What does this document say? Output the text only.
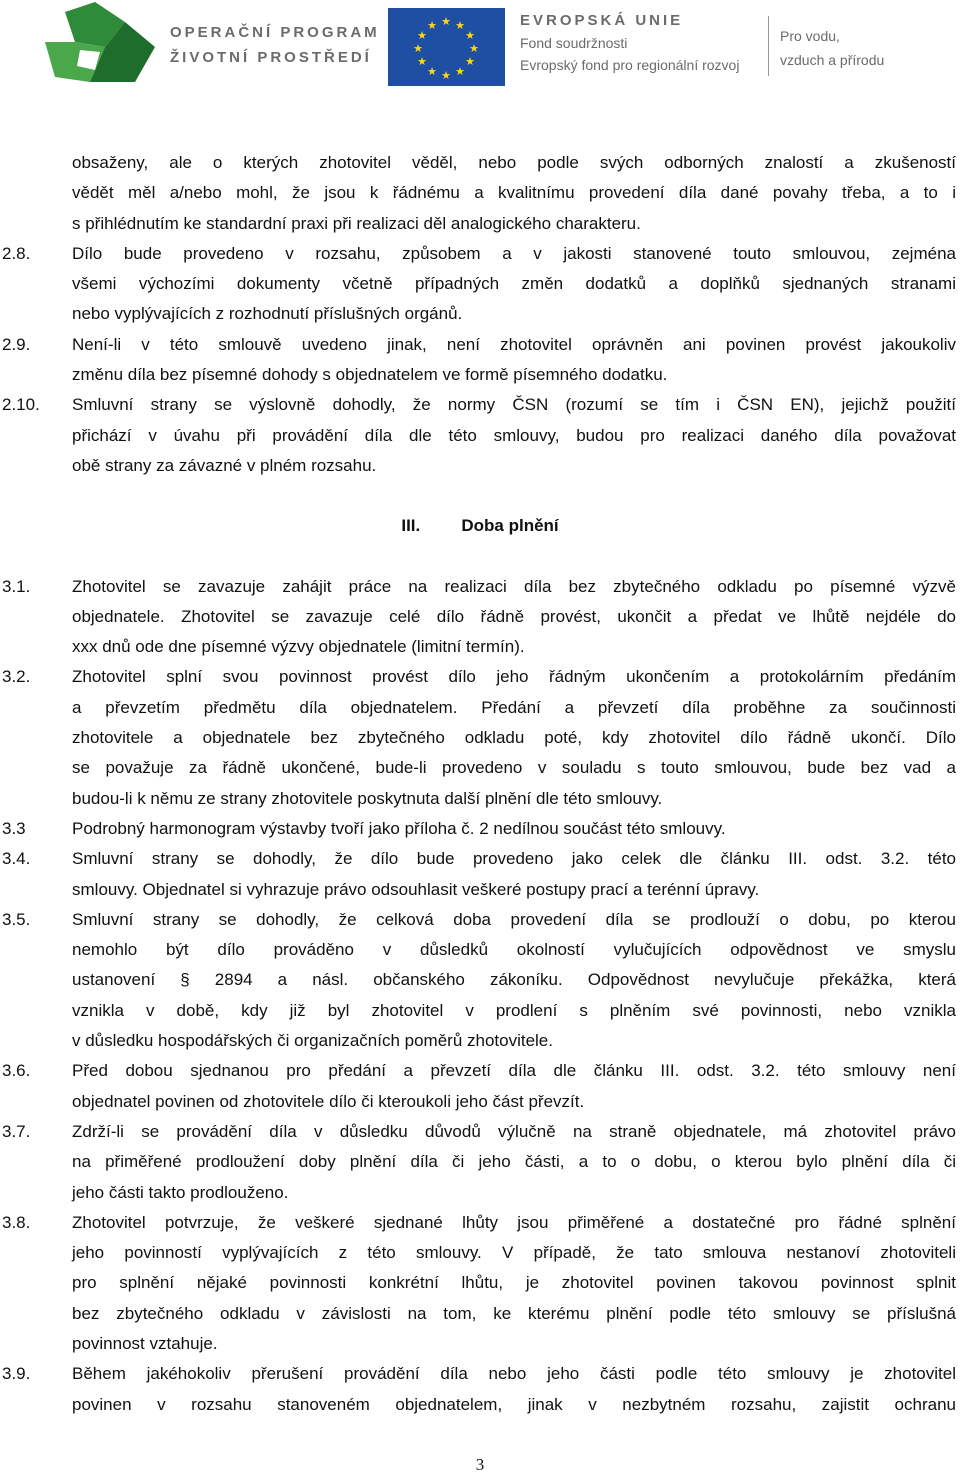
OPERAČNÍ PROGRAM
ŽIVOTNÍ PROSTŘEDÍ
★ ★
★
★
★
★
★
★
★
★
★
★	EVROPSKÁ UNIE
Fond soudržnosti
Evropský fond pro regionální rozvoj
Pro vodu,
vzduch a přírodu
obsaženy, ale o kterých zhotovitel věděl, nebo podle svých odborných znalostí a zkušeností
vědět měl a/nebo mohl, že jsou k řádnému a kvalitnímu provedení díla dané povahy třeba, a to i
s přihlédnutím ke standardní praxi při realizaci děl analogického charakteru.
2.8.	Dílo bude provedeno v rozsahu, způsobem a v jakosti stanovené touto smlouvou, zejména
všemi výchozími dokumenty včetně případných změn dodatků a doplňků sjednaných stranami
nebo vyplývajících z rozhodnutí příslušných orgánů.
2.9.	Není-li v této smlouvě uvedeno jinak, není zhotovitel oprávněn ani povinen provést jakoukoliv
změnu díla bez písemné dohody s objednatelem ve formě písemného dodatku.
2.10.	Smluvní strany se výslovně dohodly, že normy ČSN (rozumí se tím i ČSN EN), jejichž použití
přichází v úvahu při provádění díla dle této smlouvy, budou pro realizaci daného díla považovat
obě strany za závazné v plném rozsahu.
III. Doba plnění
3.1.	Zhotovitel se zavazuje zahájit práce na realizaci díla bez zbytečného odkladu po písemné výzvě
objednatele. Zhotovitel se zavazuje celé dílo řádně provést, ukončit a předat ve lhůtě nejdéle do
xxx dnů ode dne písemné výzvy objednatele (limitní termín).
3.2.	Zhotovitel splní svou povinnost provést dílo jeho řádným ukončením a protokolárním předáním
a převzetím předmětu díla objednatelem. Předání a převzetí díla proběhne za součinnosti
zhotovitele a objednatele bez zbytečného odkladu poté, kdy zhotovitel dílo řádně ukončí. Dílo
se považuje za řádně ukončené, bude-li provedeno v souladu s touto smlouvou, bude bez vad a
budou-li k němu ze strany zhotovitele poskytnuta další plnění dle této smlouvy.
3.3	Podrobný harmonogram výstavby tvoří jako příloha č. 2 nedílnou součást této smlouvy.
3.4.	Smluvní strany se dohodly, že dílo bude provedeno jako celek dle článku III. odst. 3.2. této
smlouvy. Objednatel si vyhrazuje právo odsouhlasit veškeré postupy prací a terénní úpravy.
3.5.	Smluvní strany se dohodly, že celková doba provedení díla se prodlouží o dobu, po kterou
nemohlo být dílo prováděno v důsledků okolností vylučujících odpovědnost ve smyslu
ustanovení § 2894 a násl. občanského zákoníku. Odpovědnost nevylučuje překážka, která
vznikla v době, kdy již byl zhotovitel v prodlení s plněním své povinnosti, nebo vznikla
v důsledku hospodářských či organizačních poměrů zhotovitele.
3.6.	Před dobou sjednanou pro předání a převzetí díla dle článku III. odst. 3.2. této smlouvy není
objednatel povinen od zhotovitele dílo či kteroukoli jeho část převzít.
3.7.	Zdrží-li se provádění díla v důsledku důvodů výlučně na straně objednatele, má zhotovitel právo
na přiměřené prodloužení doby plnění díla či jeho části, a to o dobu, o kterou bylo plnění díla či
jeho části takto prodlouženo.
3.8.	Zhotovitel potvrzuje, že veškeré sjednané lhůty jsou přiměřené a dostatečné pro řádné splnění
jeho povinností vyplývajících z této smlouvy. V případě, že tato smlouva nestanoví zhotoviteli
pro splnění nějaké povinnosti konkrétní lhůtu, je zhotovitel povinen takovou povinnost splnit
bez zbytečného odkladu v závislosti na tom, ke kterému plnění podle této smlouvy se příslušná
povinnost vztahuje.
3.9.	Během jakéhokoliv přerušení provádění díla nebo jeho části podle této smlouvy je zhotovitel
povinen v rozsahu stanoveném objednatelem, jinak v nezbytném rozsahu, zajistit ochranu
3
